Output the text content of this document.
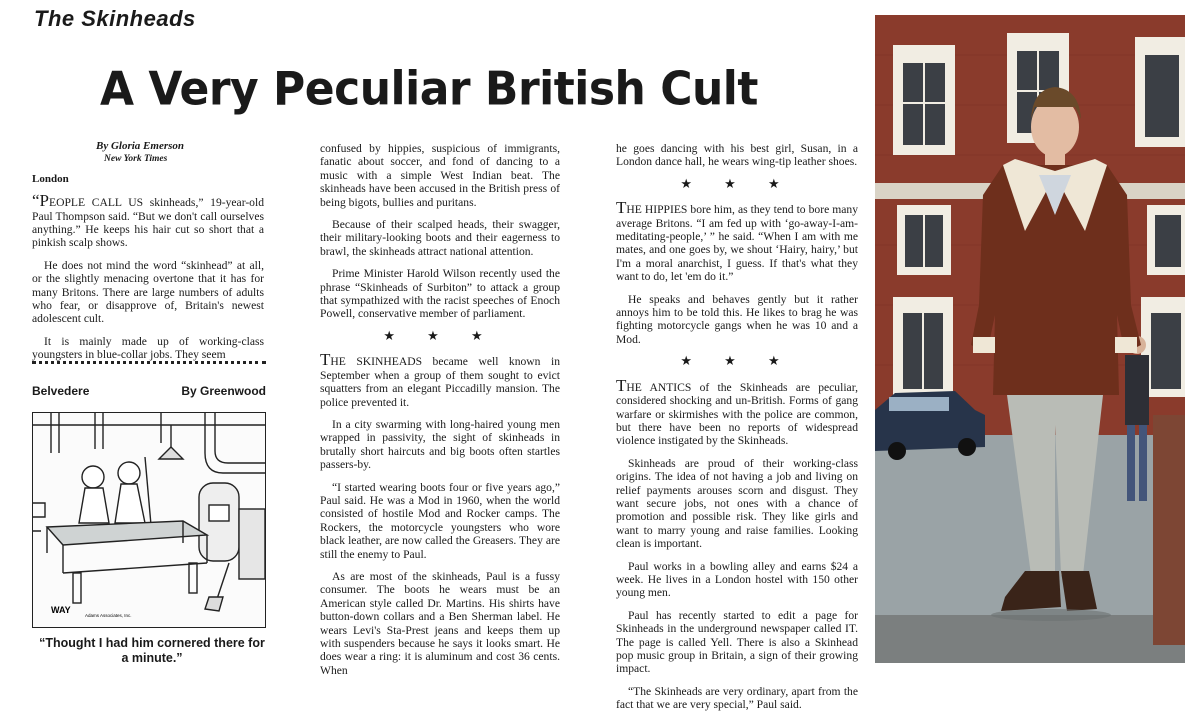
The Skinheads
A Very Peculiar British Cult
By Gloria Emerson
New York Times
London

“PEOPLE CALL US skinheads,” 19-year-old Paul Thompson said. “But we don't call ourselves anything.” He keeps his hair cut so short that a pinkish scalp shows.

He does not mind the word “skinhead” at all, or the slightly menacing overtone that it has for many Britons. There are large numbers of adults who fear, or disapprove of, Britain's newest adolescent cult.

It is mainly made up of working-class youngsters in blue-collar jobs. They seem

Belvedere	By Greenwood
WAY
Adams Associates, Inc.
“Thought I had him cornered there for a minute.”

confused by hippies, suspicious of immigrants, fanatic about soccer, and fond of dancing to a music with a simple West Indian beat. The skinheads have been accused in the British press of being bigots, bullies and puritans.

Because of their scalped heads, their swagger, their military-looking boots and their eagerness to brawl, the skinheads attract national attention.

Prime Minister Harold Wilson recently used the phrase “Skinheads of Surbiton” to attack a group that sympathized with the racist speeches of Enoch Powell, conservative member of parliament.

★ ★ ★

THE SKINHEADS became well known in September when a group of them sought to evict squatters from an elegant Piccadilly mansion. The police prevented it.

In a city swarming with long-haired young men wrapped in passivity, the sight of skinheads in brutally short haircuts and big boots often startles passers-by.

“I started wearing boots four or five years ago,” Paul said. He was a Mod in 1960, when the world consisted of hostile Mod and Rocker camps. The Rockers, the motorcycle youngsters who wore black leather, are now called the Greasers. They are still the enemy to Paul.

As are most of the skinheads, Paul is a fussy consumer. The boots he wears must be an American style called Dr. Martins. His shirts have button-down collars and a Ben Sherman label. He wears Levi's Sta-Prest jeans and keeps them up with suspenders because he says it looks smart. He does wear a ring: it is aluminum and cost 36 cents. When

he goes dancing with his best girl, Susan, in a London dance hall, he wears wing-tip leather shoes.

★ ★ ★

THE HIPPIES bore him, as they tend to bore many average Britons. “I am fed up with ‘go-away-I-am-meditating-people,’ ” he said. “When I am with me mates, and one goes by, we shout ‘Hairy, hairy,’ but I'm a moral anarchist, I guess. If that's what they want to do, let 'em do it.”

He speaks and behaves gently but it rather annoys him to be told this. He likes to brag he was fighting motorcycle gangs when he was 10 and a Mod.

★ ★ ★

THE ANTICS of the Skinheads are peculiar, considered shocking and un-British. Forms of gang warfare or skirmishes with the police are common, but there have been no reports of widespread violence instigated by the Skinheads.

Skinheads are proud of their working-class origins. The idea of not having a job and living on relief payments arouses scorn and disgust. They want secure jobs, not ones with a chance of promotion and possible risk. They like girls and want to marry young and raise families. Looking clean is important.

Paul works in a bowling alley and earns $24 a week. He lives in a London hostel with 150 other young men.

Paul has recently started to edit a page for Skinheads in the underground newspaper called IT. The page is called Yell. There is also a Skinhead pop music group in Britain, a sign of their growing impact.

“The Skinheads are very ordinary, apart from the fact that we are very special,” Paul said.
